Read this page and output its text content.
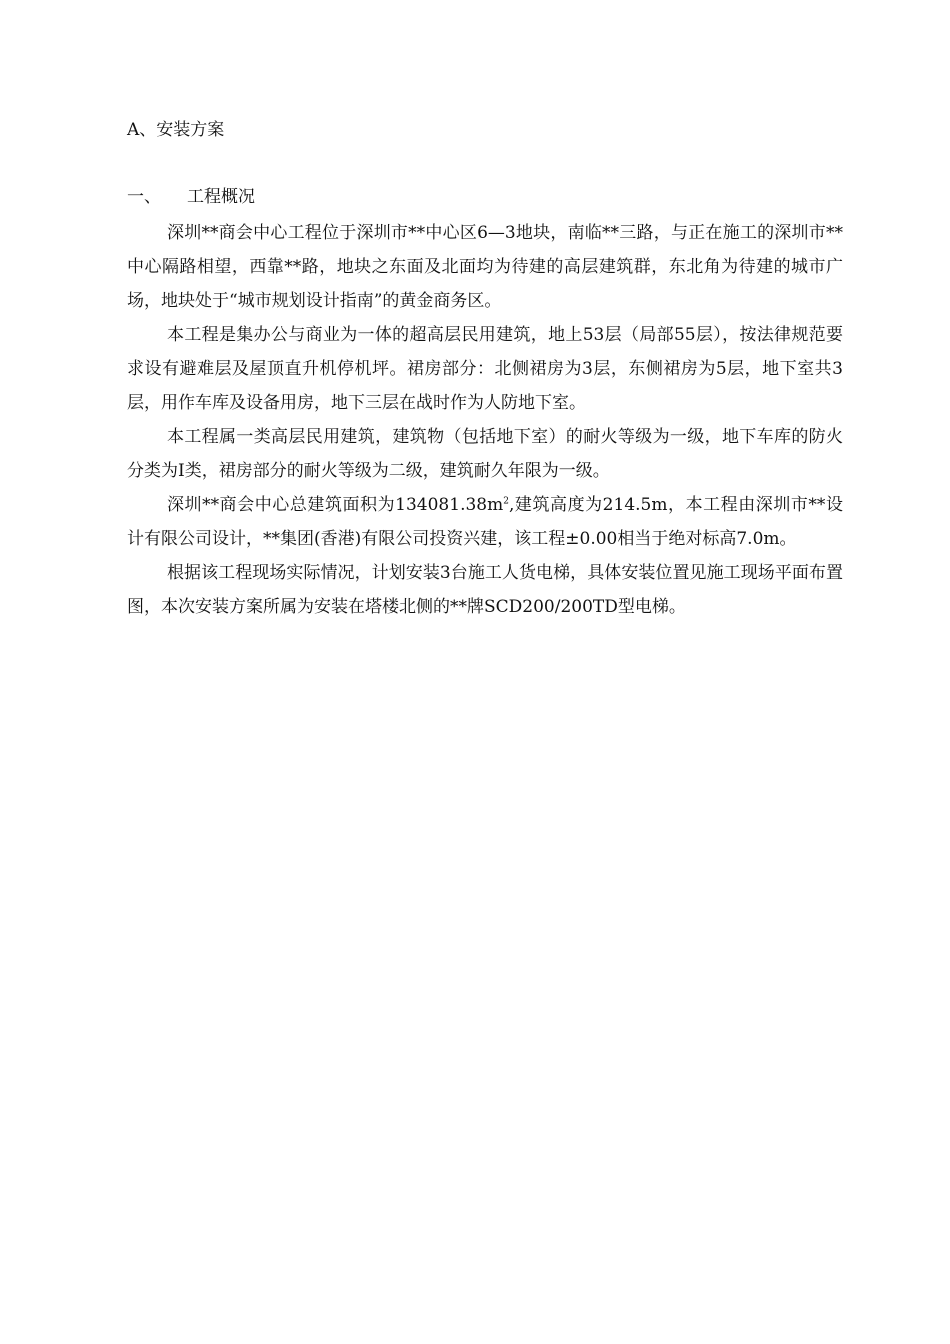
A、安装方案
一、 工程概况

深圳**商会中心工程位于深圳市**中心区6—3地块，南临**三路，与正在施工的深圳市**中心隔路相望，西靠**路，地块之东面及北面均为待建的高层建筑群，东北角为待建的城市广场，地块处于“城市规划设计指南”的黄金商务区。

本工程是集办公与商业为一体的超高层民用建筑，地上53层（局部55层），按法律规范要求设有避难层及屋顶直升机停机坪。裙房部分：北侧裙房为3层，东侧裙房为5层，地下室共3层，用作车库及设备用房，地下三层在战时作为人防地下室。

本工程属一类高层民用建筑，建筑物（包括地下室）的耐火等级为一级，地下车库的防火分类为Ⅰ类，裙房部分的耐火等级为二级，建筑耐久年限为一级。

深圳**商会中心总建筑面积为$134081.38m^2$,建筑高度为214.5m，本工程由深圳市**设计有限公司设计，**集团(香港)有限公司投资兴建，该工程±0.00相当于绝对标高7.0m。

根据该工程现场实际情况，计划安装3台施工人货电梯，具体安装位置见施工现场平面布置图，本次安装方案所属为安装在塔楼北侧的**牌SCD200/200TD型电梯。
